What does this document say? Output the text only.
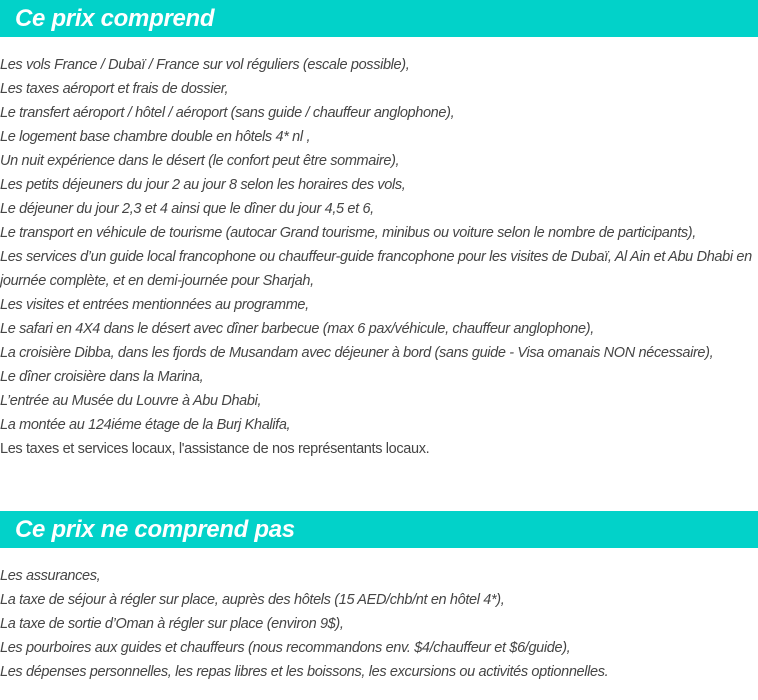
Ce prix comprend
Les vols France / Dubaï / France sur vol réguliers (escale possible),
Les taxes aéroport et frais de dossier,
Le transfert aéroport / hôtel / aéroport (sans guide / chauffeur anglophone),
Le logement base chambre double en hôtels 4* nl ,
Un nuit expérience dans le désert (le confort peut être sommaire),
Les petits déjeuners du jour 2 au jour 8 selon les horaires des vols,
Le déjeuner du jour 2,3 et 4 ainsi que le dîner du jour 4,5 et 6,
Le transport en véhicule de tourisme (autocar Grand tourisme, minibus ou voiture selon le nombre de participants),
Les services d’un guide local francophone ou chauffeur-guide francophone pour les visites de Dubaï, Al Ain et Abu Dhabi en journée complète, et en demi-journée pour Sharjah,
Les visites et entrées mentionnées au programme,
Le safari en 4X4 dans le désert avec dîner barbecue (max 6 pax/véhicule, chauffeur anglophone),
La croisière Dibba, dans les fjords de Musandam avec déjeuner à bord (sans guide - Visa omanais NON nécessaire),
Le dîner croisière dans la Marina,
L’entrée au Musée du Louvre à Abu Dhabi,
La montée au 124iéme étage de la Burj Khalifa,
Les taxes et services locaux, l'assistance de nos représentants locaux.
Ce prix ne comprend pas
Les assurances,
La taxe de séjour à régler sur place, auprès des hôtels (15 AED/chb/nt en hôtel 4*),
La taxe de sortie d’Oman à régler sur place (environ 9$),
Les pourboires aux guides et chauffeurs (nous recommandons env. $4/chauffeur et $6/guide),
Les dépenses personnelles, les repas libres et les boissons, les excursions ou activités optionnelles.
